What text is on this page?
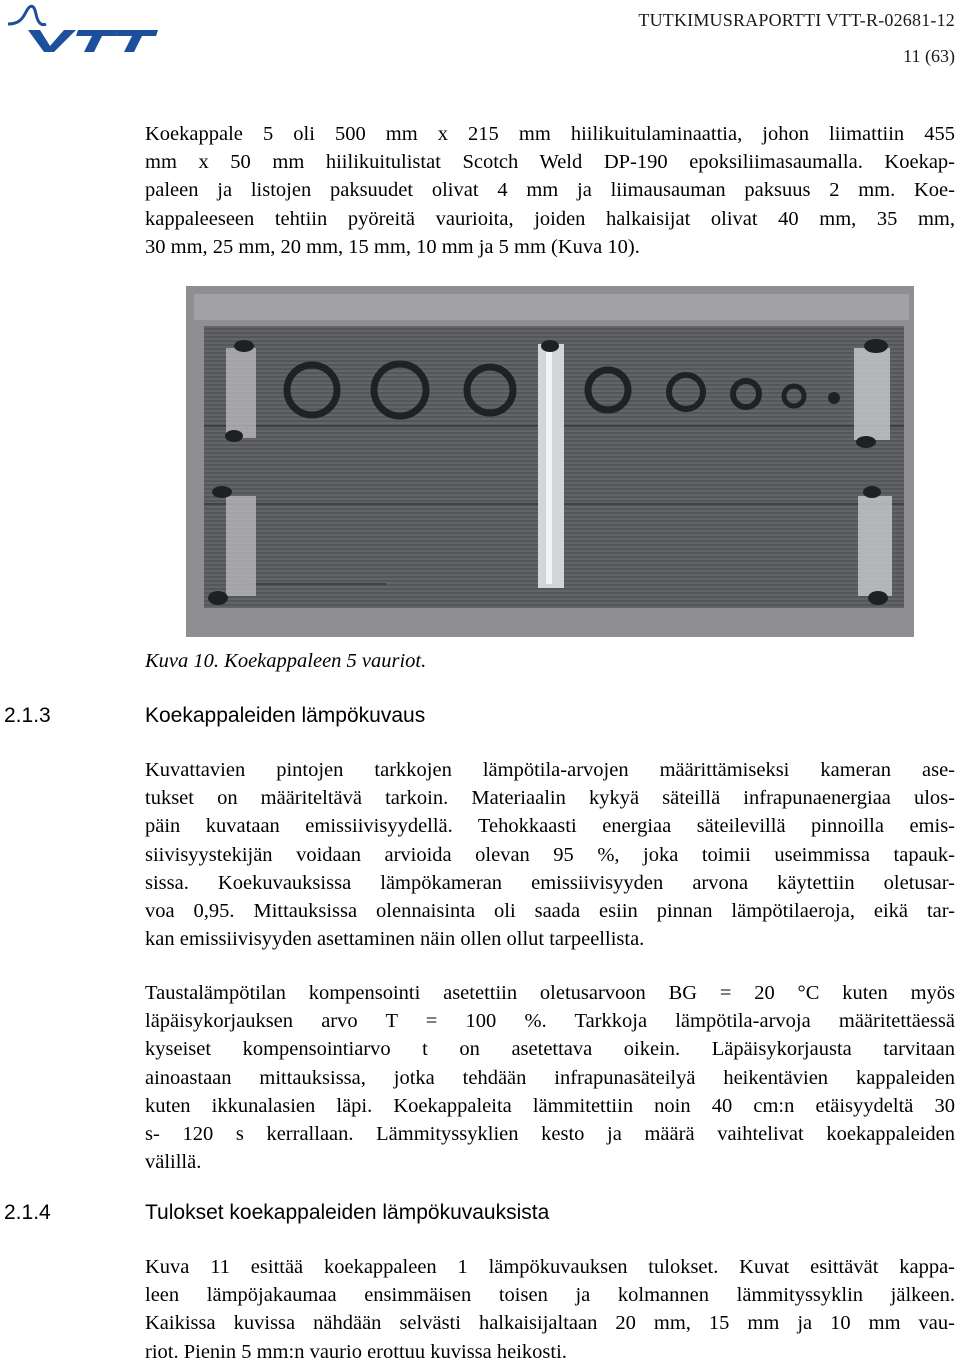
TUTKIMUSRAPORTTI VTT-R-02681-12
11 (63)

Koekappale 5 oli 500 mm x 215 mm hiilikuitulaminaattia, johon liimattiin 455
mm x 50 mm hiilikuitulistat Scotch Weld DP-190 epoksiliimasaumalla. Koekap-
paleen ja listojen paksuudet olivat 4 mm ja liimausauman paksuus 2 mm. Koe-
kappaleeseen tehtiin pyöreitä vaurioita, joiden halkaisijat olivat 40 mm, 35 mm,
30 mm, 25 mm, 20 mm, 15 mm, 10 mm ja 5 mm (Kuva 10).

Kuva 10. Koekappaleen 5 vauriot.
2.1.3	Koekappaleiden lämpökuvaus

Kuvattavien pintojen tarkkojen lämpötila-arvojen määrittämiseksi kameran ase-
tukset on määriteltävä tarkoin. Materiaalin kykyä säteillä infrapunaenergiaa ulos-
päin kuvataan emissiivisyydellä. Tehokkaasti energiaa säteilevillä pinnoilla emis-
siivisyystekijän voidaan arvioida olevan 95 %, joka toimii useimmissa tapauk-
sissa. Koekuvauksissa lämpökameran emissiivisyyden arvona käytettiin oletusar-
voa 0,95. Mittauksissa olennaisinta oli saada esiin pinnan lämpötilaeroja, eikä tar-
kan emissiivisyyden asettaminen näin ollen ollut tarpeellista.

Taustalämpötilan kompensointi asetettiin oletusarvoon BG = 20 °C kuten myös
läpäisykorjauksen arvo T = 100 %. Tarkkoja lämpötila-arvoja määritettäessä
kyseiset kompensointiarvo t on asetettava oikein. Läpäisykorjausta tarvitaan
ainoastaan mittauksissa, jotka tehdään infrapunasäteilyä heikentävien kappaleiden
kuten ikkunalasien läpi. Koekappaleita lämmitettiin noin 40 cm:n etäisyydeltä 30
s- 120 s kerrallaan. Lämmityssyklien kesto ja määrä vaihtelivat koekappaleiden
välillä.

2.1.4	Tulokset koekappaleiden lämpökuvauksista

Kuva 11 esittää koekappaleen 1 lämpökuvauksen tulokset. Kuvat esittävät kappa-
leen lämpöjakaumaa ensimmäisen toisen ja kolmannen lämmityssyklin jälkeen.
Kaikissa kuvissa nähdään selvästi halkaisijaltaan 20 mm, 15 mm ja 10 mm vau-
riot. Pienin 5 mm:n vaurio erottuu kuvissa heikosti.
